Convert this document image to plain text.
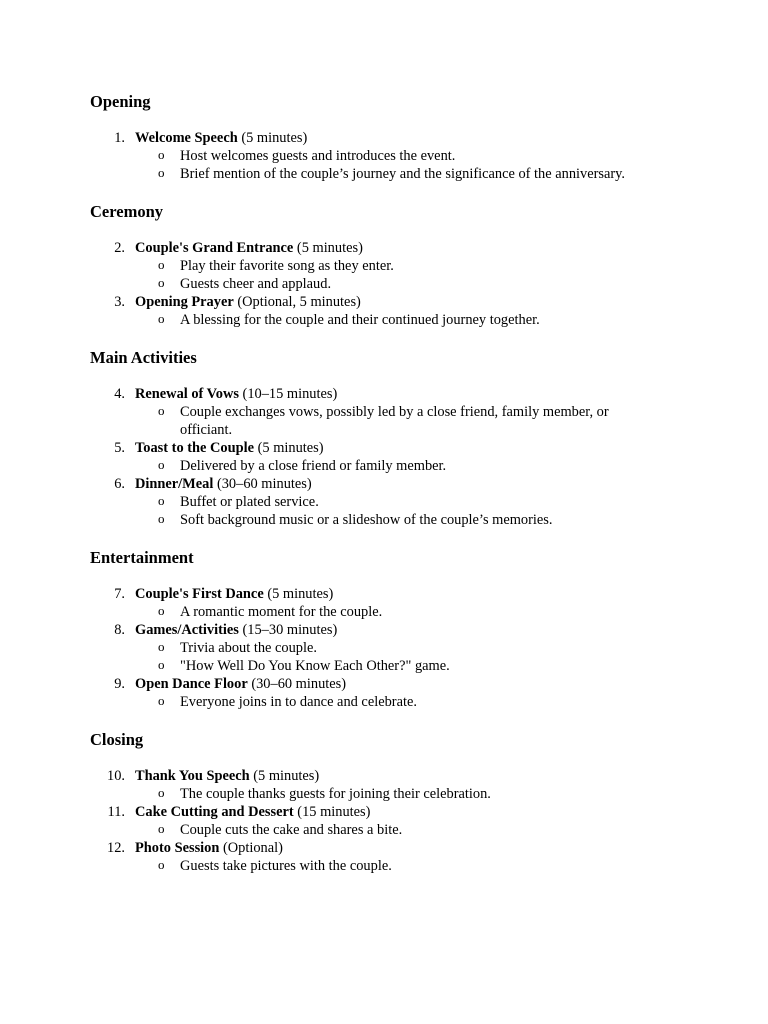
Opening
1. Welcome Speech (5 minutes)
o Host welcomes guests and introduces the event.
o Brief mention of the couple’s journey and the significance of the anniversary.
Ceremony
2. Couple's Grand Entrance (5 minutes)
o Play their favorite song as they enter.
o Guests cheer and applaud.
3. Opening Prayer (Optional, 5 minutes)
o A blessing for the couple and their continued journey together.
Main Activities
4. Renewal of Vows (10–15 minutes)
o Couple exchanges vows, possibly led by a close friend, family member, or officiant.
5. Toast to the Couple (5 minutes)
o Delivered by a close friend or family member.
6. Dinner/Meal (30–60 minutes)
o Buffet or plated service.
o Soft background music or a slideshow of the couple’s memories.
Entertainment
7. Couple's First Dance (5 minutes)
o A romantic moment for the couple.
8. Games/Activities (15–30 minutes)
o Trivia about the couple.
o "How Well Do You Know Each Other?" game.
9. Open Dance Floor (30–60 minutes)
o Everyone joins in to dance and celebrate.
Closing
10. Thank You Speech (5 minutes)
o The couple thanks guests for joining their celebration.
11. Cake Cutting and Dessert (15 minutes)
o Couple cuts the cake and shares a bite.
12. Photo Session (Optional)
o Guests take pictures with the couple.
